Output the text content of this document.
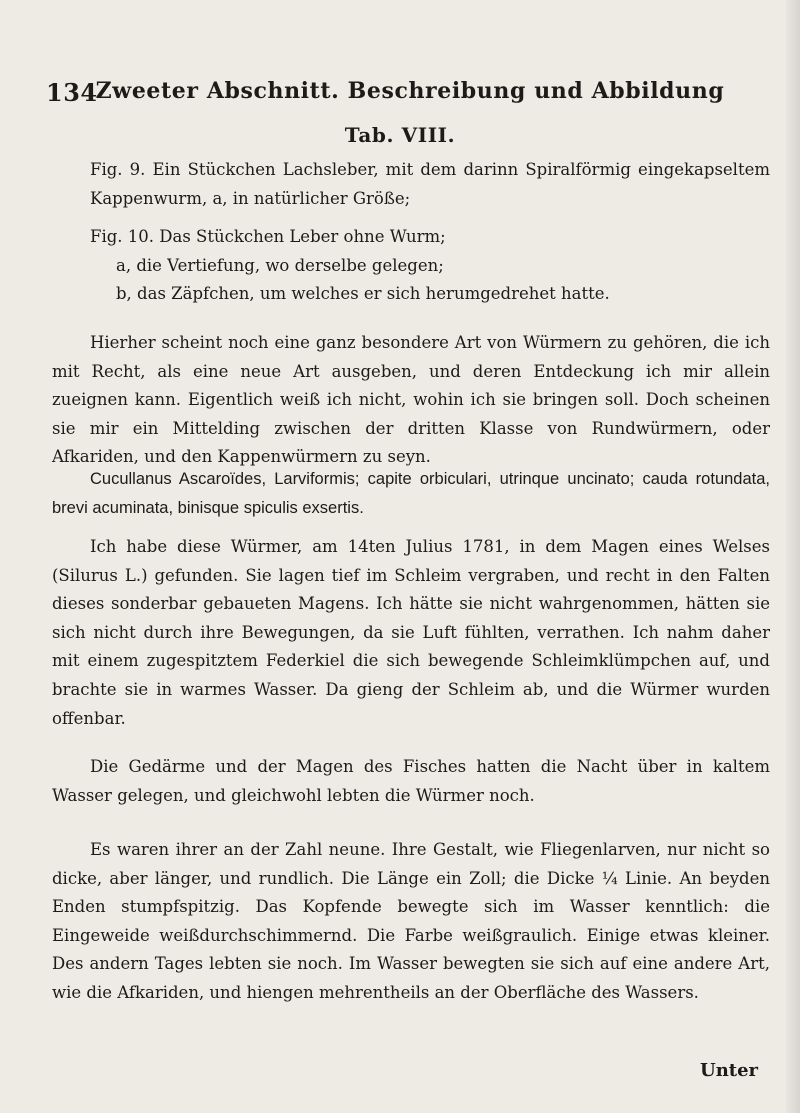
134
Zweeter Abschnitt. Beschreibung und Abbildung
Tab. VIII.

Fig. 9. Ein Stückchen Lachsleber, mit dem darinn Spiralförmig eingekapseltem Kappenwurm, a, in natürlicher Größe;

Fig. 10. Das Stückchen Leber ohne Wurm;

a, die Vertiefung, wo derselbe gelegen;

b, das Zäpfchen, um welches er sich herumgedrehet hatte.

Hierher scheint noch eine ganz besondere Art von Würmern zu gehören, die ich mit Recht, als eine neue Art ausgeben, und deren Entdeckung ich mir allein zueignen kann. Eigentlich weiß ich nicht, wohin ich sie bringen soll. Doch scheinen sie mir ein Mittelding zwischen der dritten Klasse von Rundwürmern, oder Afkariden, und den Kappenwürmern zu seyn.

Cucullanus Ascaroïdes, Larviformis; capite orbiculari, utrinque uncinato; cauda rotundata, brevi acuminata, binisque spiculis exsertis.

Ich habe diese Würmer, am 14ten Julius 1781, in dem Magen eines Welses (Silurus L.) gefunden. Sie lagen tief im Schleim vergraben, und recht in den Falten dieses sonderbar gebaueten Magens. Ich hätte sie nicht wahrgenommen, hätten sie sich nicht durch ihre Bewegungen, da sie Luft fühlten, verrathen. Ich nahm daher mit einem zugespitztem Federkiel die sich bewegende Schleimklümpchen auf, und brachte sie in warmes Wasser. Da gieng der Schleim ab, und die Würmer wurden offenbar.

Die Gedärme und der Magen des Fisches hatten die Nacht über in kaltem Wasser gelegen, und gleichwohl lebten die Würmer noch.

Es waren ihrer an der Zahl neune. Ihre Gestalt, wie Fliegenlarven, nur nicht so dicke, aber länger, und rundlich. Die Länge ein Zoll; die Dicke ¼ Linie. An beyden Enden stumpfspitzig. Das Kopfende bewegte sich im Wasser kenntlich: die Eingeweide weißdurchschimmernd. Die Farbe weißgraulich. Einige etwas kleiner. Des andern Tages lebten sie noch. Im Wasser bewegten sie sich auf eine andere Art, wie die Afkariden, und hiengen mehrentheils an der Oberfläche des Wassers.

Unter
